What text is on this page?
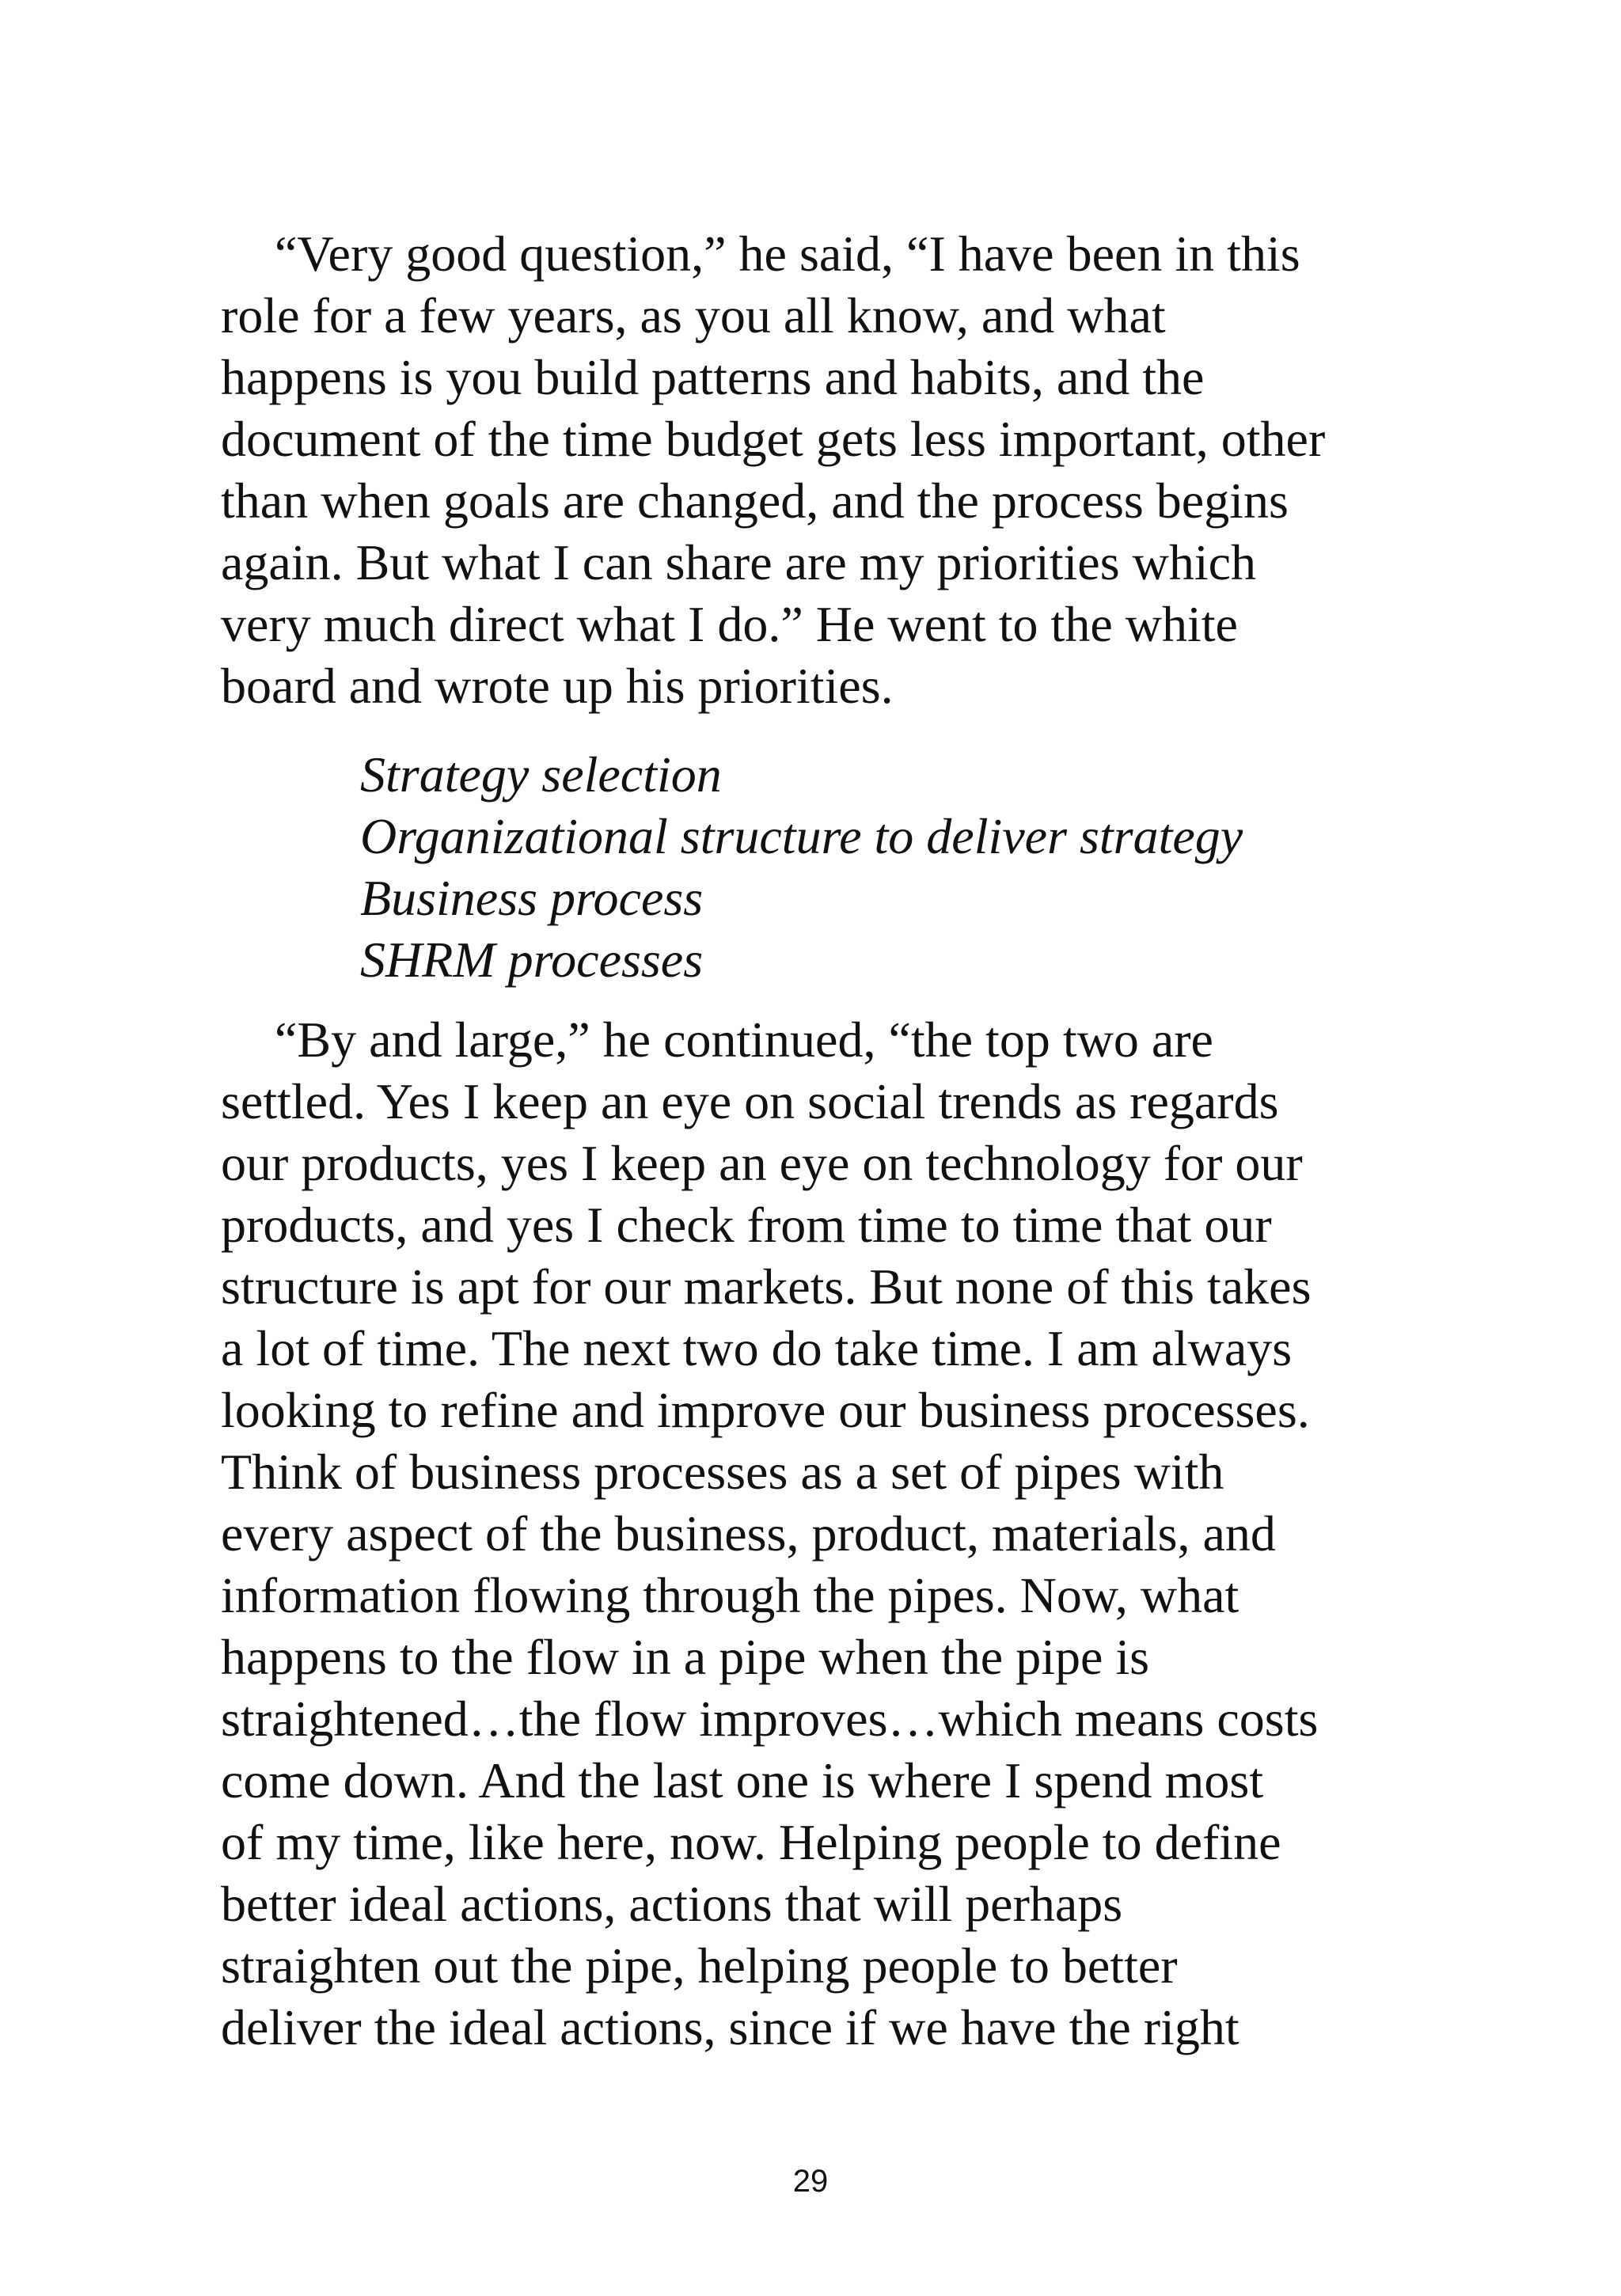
“Very good question,” he said, “I have been in this
role for a few years, as you all know, and what
happens is you build patterns and habits, and the
document of the time budget gets less important, other
than when goals are changed, and the process begins
again. But what I can share are my priorities which
very much direct what I do.” He went to the white
board and wrote up his priorities.
Strategy selection
Organizational structure to deliver strategy
Business process
SHRM processes
“By and large,” he continued, “the top two are
settled. Yes I keep an eye on social trends as regards
our products, yes I keep an eye on technology for our
products, and yes I check from time to time that our
structure is apt for our markets. But none of this takes
a lot of time. The next two do take time. I am always
looking to refine and improve our business processes.
Think of business processes as a set of pipes with
every aspect of the business, product, materials, and
information flowing through the pipes. Now, what
happens to the flow in a pipe when the pipe is
straightened…the flow improves…which means costs
come down. And the last one is where I spend most
of my time, like here, now. Helping people to define
better ideal actions, actions that will perhaps
straighten out the pipe, helping people to better
deliver the ideal actions, since if we have the right
29
